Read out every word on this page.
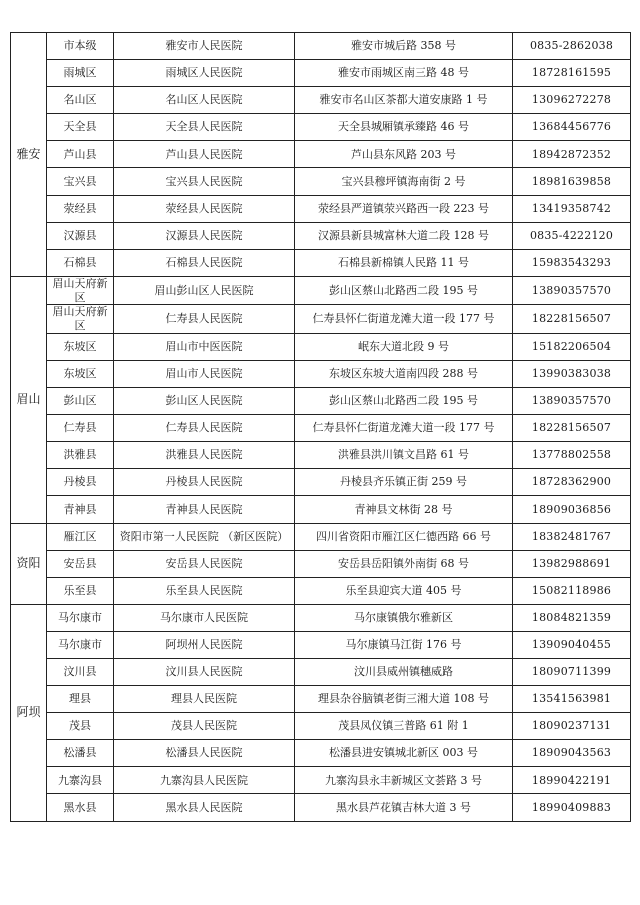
雅安	市本级	雅安市人民医院	雅安市城后路 358 号	0835-2862038
	雨城区	雨城区人民医院	雅安市雨城区南三路 48 号	18728161595
	名山区	名山区人民医院	雅安市名山区茶都大道安康路 1 号	13096272278
	天全县	天全县人民医院	天全县城厢镇承臻路 46 号	13684456776
	芦山县	芦山县人民医院	芦山县东风路 203 号	18942872352
	宝兴县	宝兴县人民医院	宝兴县穆坪镇海南街 2 号	18981639858
	荥经县	荥经县人民医院	荥经县严道镇荥兴路西一段 223 号	13419358742
	汉源县	汉源县人民医院	汉源县新县城富林大道二段 128 号	0835-4222120
	石棉县	石棉县人民医院	石棉县新棉镇人民路 11 号	15983543293
眉山	眉山天府新区	眉山彭山区人民医院	彭山区蔡山北路西二段 195 号	13890357570
	眉山天府新区	仁寿县人民医院	仁寿县怀仁街道龙滩大道一段 177 号	18228156507
	东坡区	眉山市中医医院	岷东大道北段 9 号	15182206504
	东坡区	眉山市人民医院	东坡区东坡大道南四段 288 号	13990383038
	彭山区	彭山区人民医院	彭山区蔡山北路西二段 195 号	13890357570
	仁寿县	仁寿县人民医院	仁寿县怀仁街道龙滩大道一段 177 号	18228156507
	洪雅县	洪雅县人民医院	洪雅县洪川镇文昌路 61 号	13778802558
	丹棱县	丹棱县人民医院	丹棱县齐乐镇正街 259 号	18728362900
	青神县	青神县人民医院	青神县文林街 28 号	18909036856
资阳	雁江区	资阳市第一人民医院 （新区医院）	四川省资阳市雁江区仁德西路 66 号	18382481767
	安岳县	安岳县人民医院	安岳县岳阳镇外南街 68 号	13982988691
	乐至县	乐至县人民医院	乐至县迎宾大道 405 号	15082118986
阿坝	马尔康市	马尔康市人民医院	马尔康镇俄尔雅新区	18084821359
	马尔康市	阿坝州人民医院	马尔康镇马江街 176 号	13909040455
	汶川县	汶川县人民医院	汶川县威州镇穗威路	18090711399
	理县	理县人民医院	理县杂谷脑镇老街三湘大道 108 号	13541563981
	茂县	茂县人民医院	茂县凤仪镇三普路 61 附 1	18090237131
	松潘县	松潘县人民医院	松潘县进安镇城北新区 003 号	18909043563
	九寨沟县	九寨沟县人民医院	九寨沟县永丰新城区文荟路 3 号	18990422191
	黑水县	黑水县人民医院	黑水县芦花镇吉林大道 3 号	18990409883
